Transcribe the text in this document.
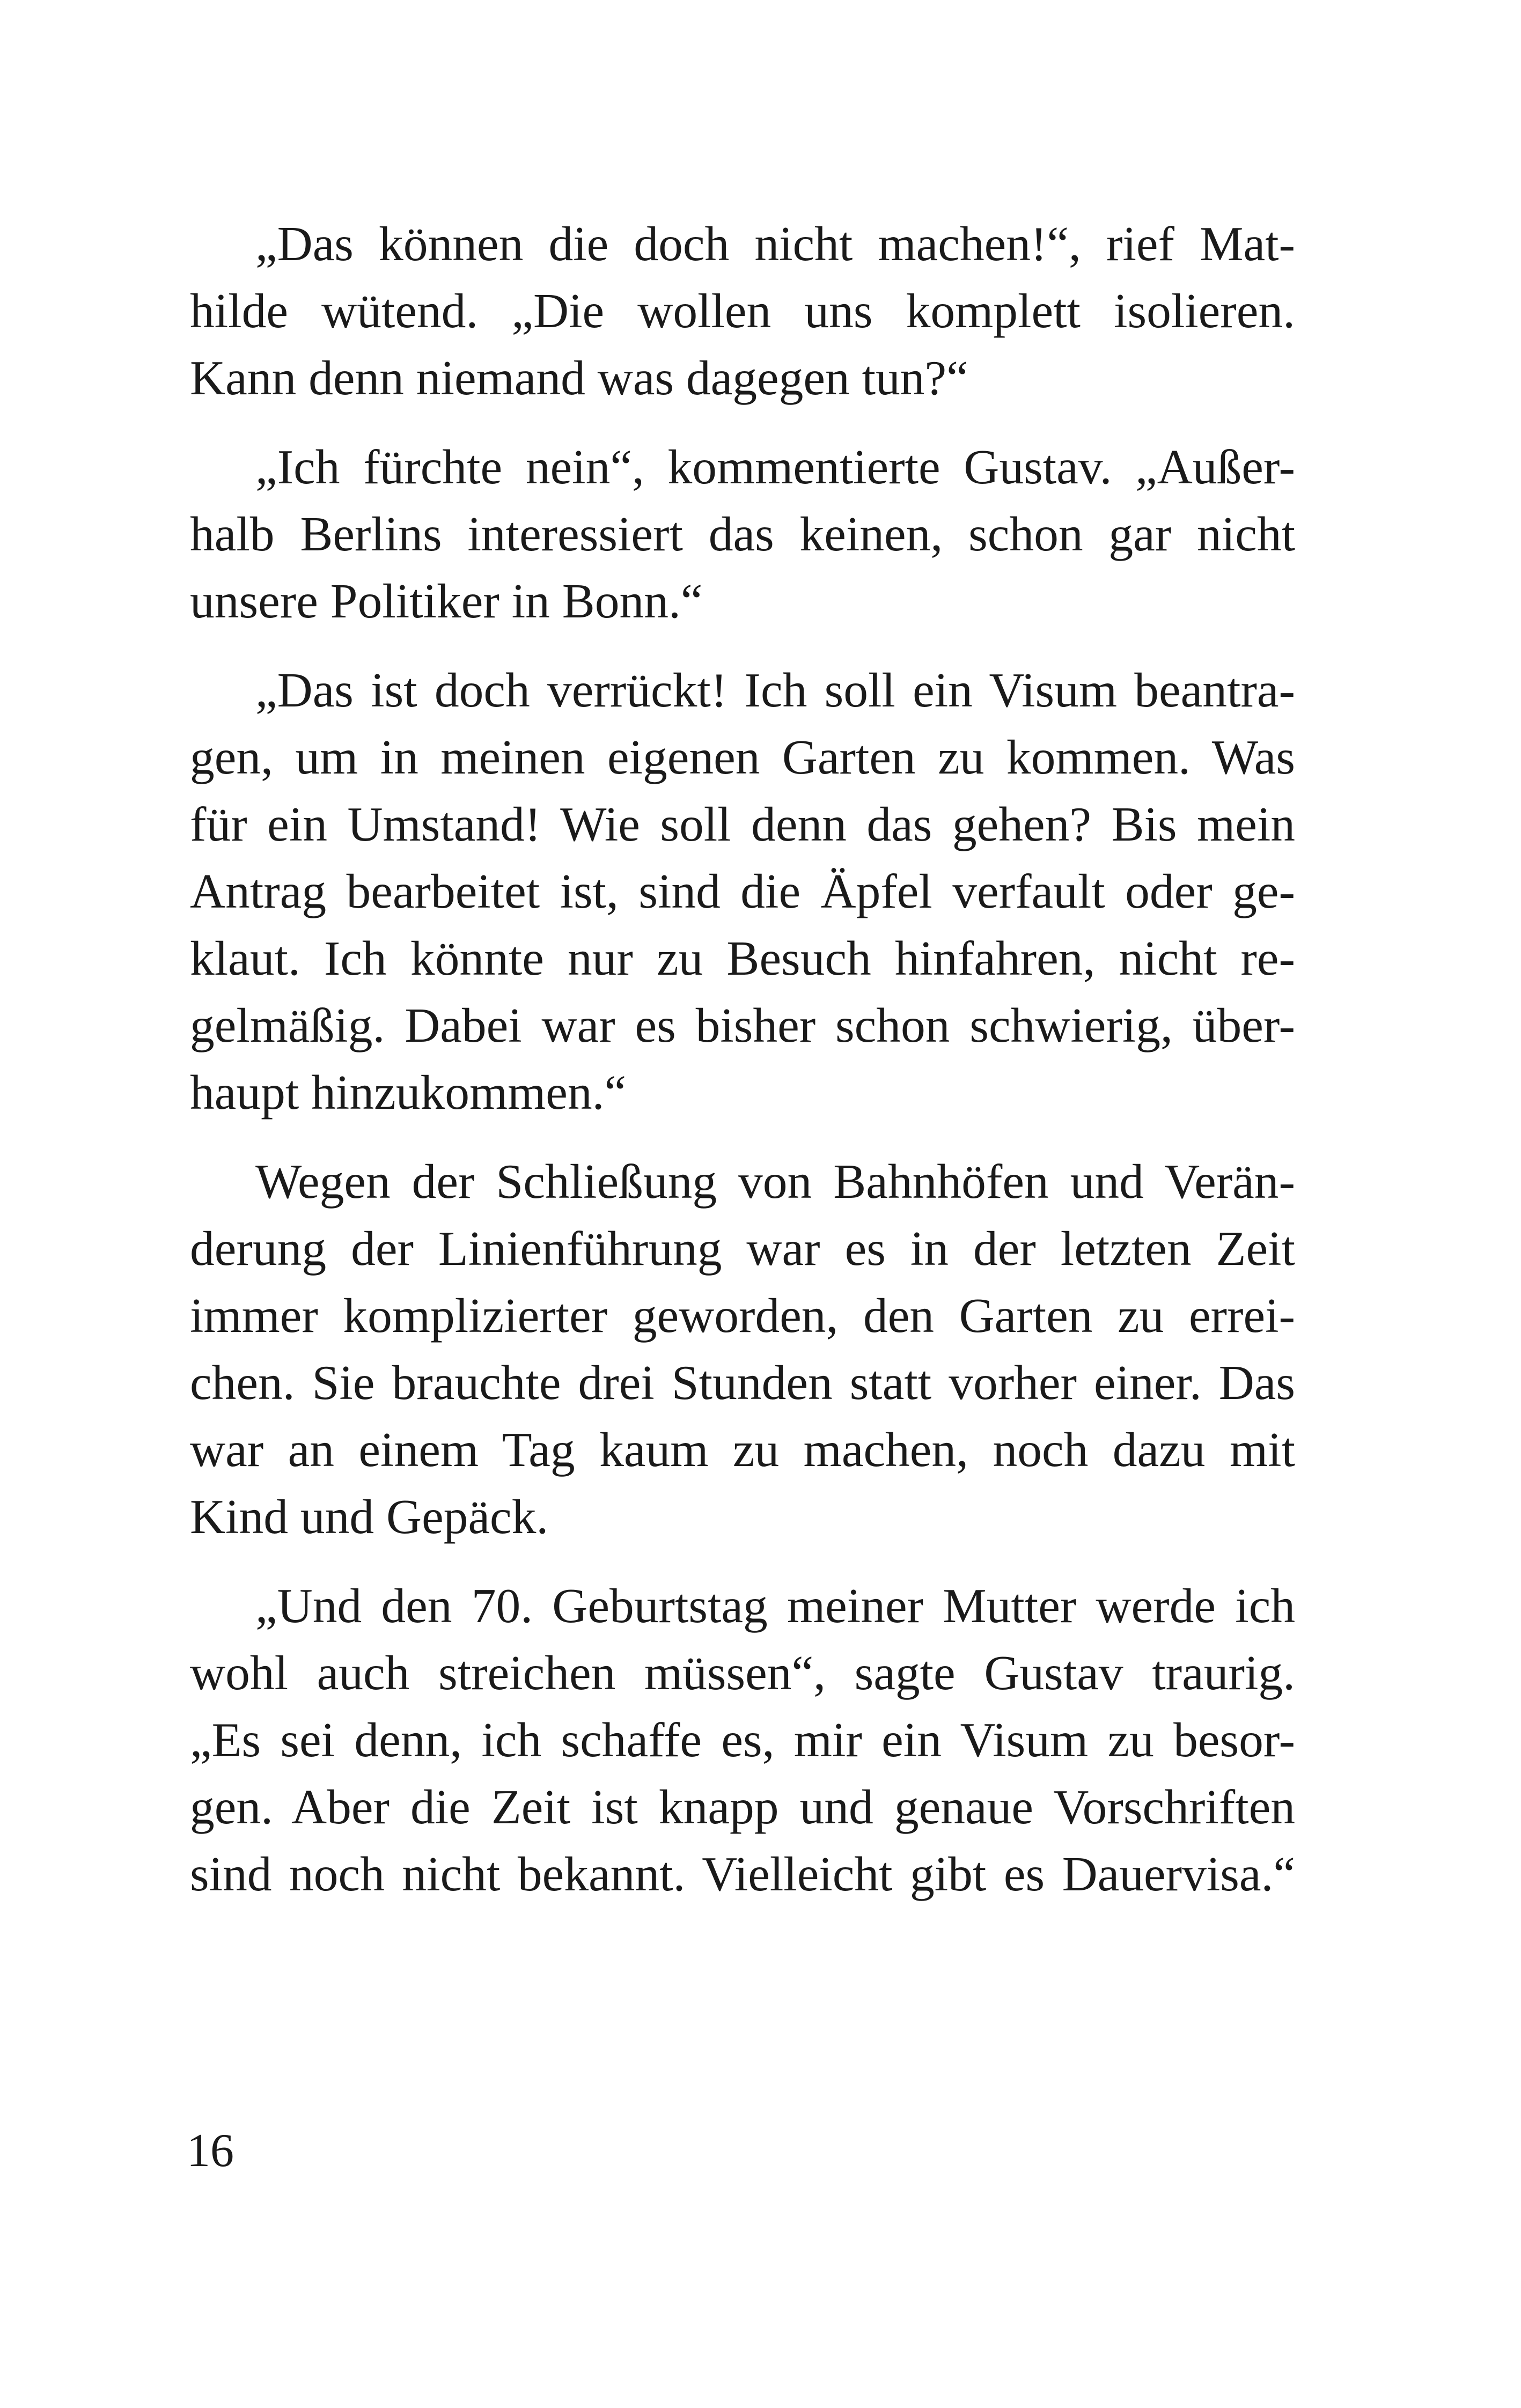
„Das können die doch nicht machen!“, rief Mat-
hilde wütend. „Die wollen uns komplett isolieren.
Kann denn niemand was dagegen tun?“

„Ich fürchte nein“, kommentierte Gustav. „Außer-
halb Berlins interessiert das keinen, schon gar nicht
unsere Politiker in Bonn.“

„Das ist doch verrückt! Ich soll ein Visum beantra-
gen, um in meinen eigenen Garten zu kommen. Was
für ein Umstand! Wie soll denn das gehen? Bis mein
Antrag bearbeitet ist, sind die Äpfel verfault oder ge-
klaut. Ich könnte nur zu Besuch hinfahren, nicht re-
gelmäßig. Dabei war es bisher schon schwierig, über-
haupt hinzukommen.“

Wegen der Schließung von Bahnhöfen und Verän-
derung der Linienführung war es in der letzten Zeit
immer komplizierter geworden, den Garten zu errei-
chen. Sie brauchte drei Stunden statt vorher einer. Das
war an einem Tag kaum zu machen, noch dazu mit
Kind und Gepäck.

„Und den 70. Geburtstag meiner Mutter werde ich
wohl auch streichen müssen“, sagte Gustav traurig.
„Es sei denn, ich schaffe es, mir ein Visum zu besor-
gen. Aber die Zeit ist knapp und genaue Vorschriften
sind noch nicht bekannt. Vielleicht gibt es Dauervisa.“

16
